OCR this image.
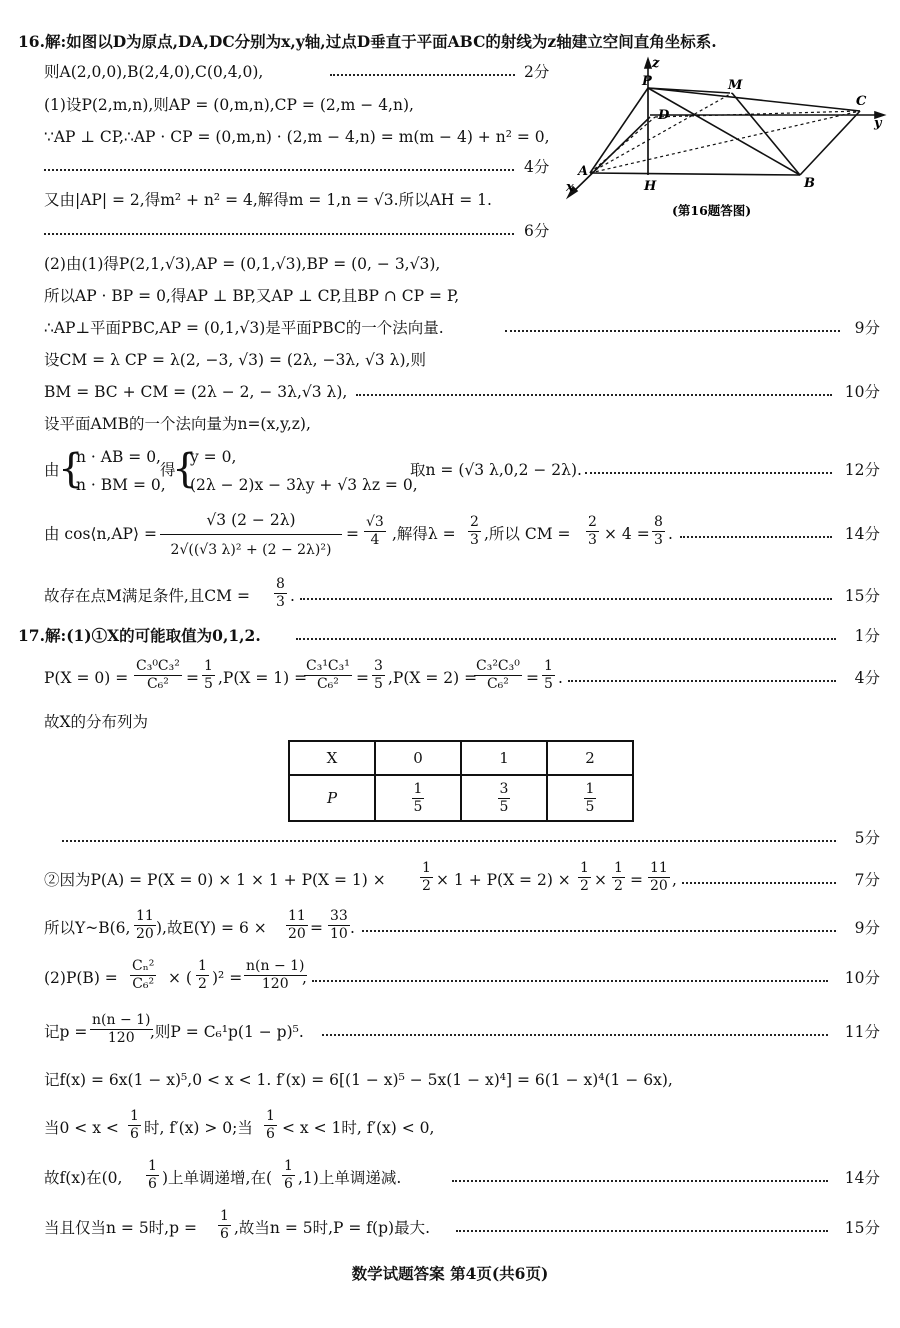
16.解:如图以D为原点,DA,DC分别为x,y轴,过点D垂直于平面ABC的射线为z轴建立空间直角坐标系.
则A(2,0,0),B(2,4,0),C(0,4,0),	2分
(1)设P(2,m,n),则AP = (0,m,n),CP = (2,m − 4,n),
∵AP ⊥ CP,∴AP · CP = (0,m,n) · (2,m − 4,n) = m(m − 4) + n² = 0,
4分
又由|AP| = 2,得m² + n² = 4,解得m = 1,n = √3.所以AH = 1.
6分
P	M
C
D
A
H	B
x
y
z
(第16题答图)
(2)由(1)得P(2,1,√3),AP = (0,1,√3),BP = (0, − 3,√3),
所以AP · BP = 0,得AP ⊥ BP,又AP ⊥ CP,且BP ∩ CP = P,
∴AP⊥平面PBC,AP = (0,1,√3)是平面PBC的一个法向量.	9分
设CM = λ CP = λ(2, −3, √3) = (2λ, −3λ, √3 λ),则
BM = BC + CM = (2λ − 2, − 3λ,√3 λ),	10分
设平面AMB的一个法向量为n=(x,y,z),
由
{
n · AB = 0,
n · BM = 0,
得
{
y = 0,
(2λ − 2)x − 3λy + √3 λz = 0,
取n = (√3 λ,0,2 − 2λ).	12分
由 cos⟨n,AP⟩ =
√3 (2 − 2λ)
2√((√3 λ)² + (2 − 2λ)²)
= $\frac{√3}{4}$ ,解得$\lambda = \frac{2}{3}$ ,所以 CM = $\frac{2}{3} \times 4 = \frac{8}{3}$ .	14分
故存在点M满足条件,且CM = $\frac{8}{3}$ .	15分
17.解:(1)①X的可能取值为0,1,2.	1分
$P(X = 0) = \frac{\text{C₃⁰C₃²}}{\text{C₆²}} = \frac{1}{5} ,P(X = 1)$ =
$\frac{\text{C₃¹C₃¹}}{\text{C₆²}} = \frac{3}{5} ,P(X = 2)$ =
$\frac{\text{C₃²C₃⁰}}{\text{C₆²}} = \frac{1}{5}$ .	4分
故X的分布列为
X	0	1	2
P	$\frac{1}{5}$	$\frac{3}{5}$	$\frac{1}{5}$
5分
②因为$P(A) = P(X = 0) \times 1 \times 1 + P(X = 1) \times \frac{1}{2} \times 1 + P(X = 2) \times \frac{1}{2} \times \frac{1}{2} = \frac{11}{20}$ ,	7分
所以Y~B(6, $\frac{11}{20}$ ),故$E(Y) = 6 \times \frac{11}{20} = \frac{33}{10}$ .	9分
$(2)P(B) = \frac{\text{Cₙ²}}{\text{C₆²}}$ × ( $\frac{1}{2} )^2 = \frac{n(n - 1)}{120}$
,	10分
记$p = \frac{n(n - 1)}{120}$
,则P = C₆¹p(1 − p)⁵.	11分
记f(x) = 6x(1 − x)⁵,0 < x < 1. f′(x) = 6[(1 − x)⁵ − 5x(1 − x)⁴] = 6(1 − x)⁴(1 − 6x),
当$0 < x < \frac{1}{6}$ 时, f′(x) > 0;当 $\frac{1}{6} < x < 1$时, f′(x) < 0,
故f(x)在(0, $\frac{1}{6}$ )上单调递增,在( $\frac{1}{6} ,1$)上单调递减.	14分
当且仅当n = 5时$,p = \frac{1}{6}$ ,故当n = 5时,P = f(p)最大.	15分
数学试题答案 第4页(共6页)
